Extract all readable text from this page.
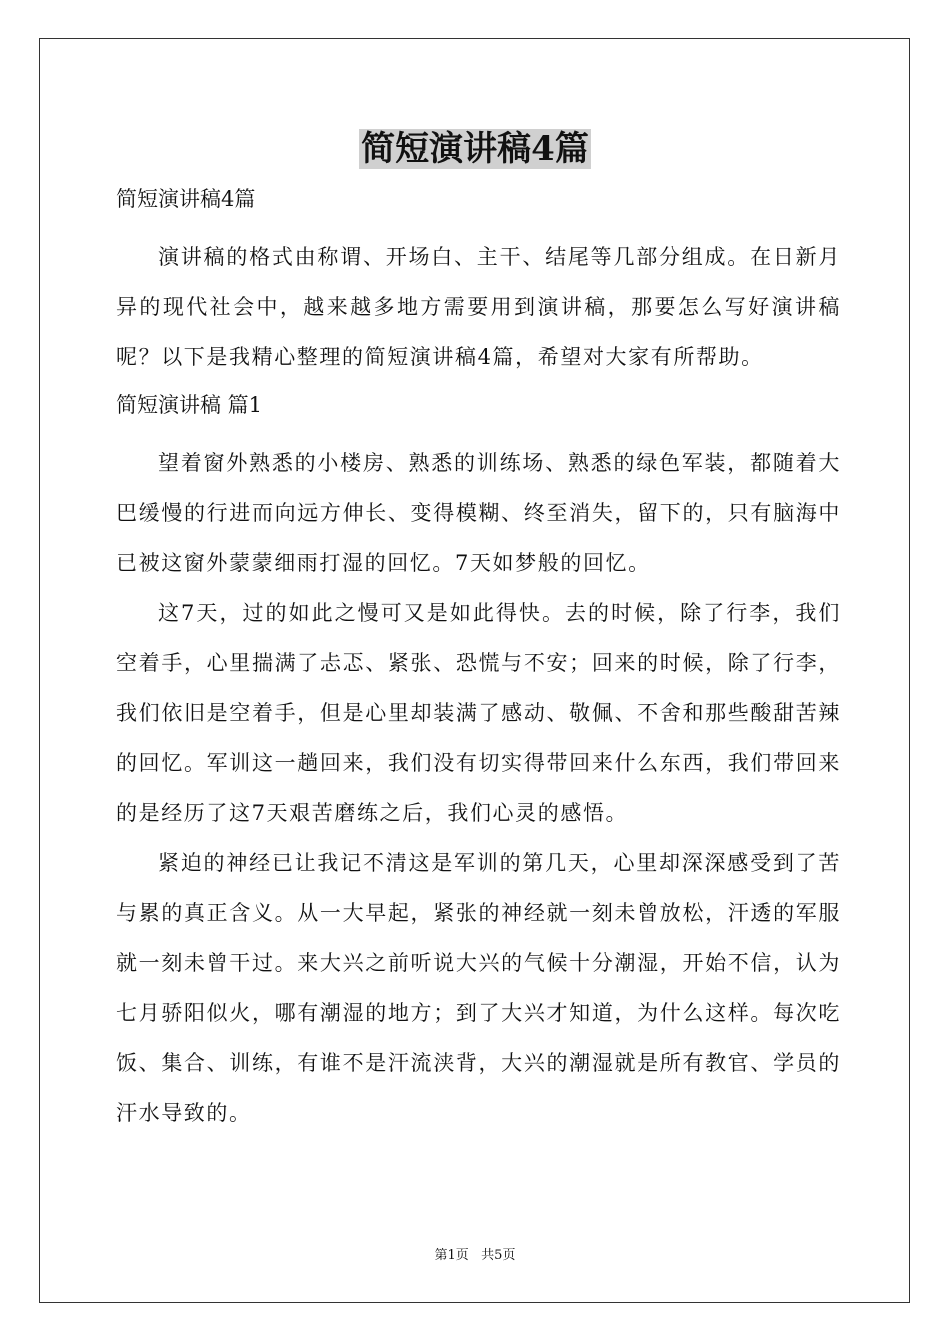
简短演讲稿4篇

简短演讲稿4篇

演讲稿的格式由称谓、开场白、主干、结尾等几部分组成。在日新月异的现代社会中，越来越多地方需要用到演讲稿，那要怎么写好演讲稿呢？以下是我精心整理的简短演讲稿4篇，希望对大家有所帮助。

简短演讲稿 篇1

望着窗外熟悉的小楼房、熟悉的训练场、熟悉的绿色军装，都随着大巴缓慢的行进而向远方伸长、变得模糊、终至消失，留下的，只有脑海中已被这窗外蒙蒙细雨打湿的回忆。7天如梦般的回忆。

这7天，过的如此之慢可又是如此得快。去的时候，除了行李，我们空着手，心里揣满了忐忑、紧张、恐慌与不安；回来的时候，除了行李，我们依旧是空着手，但是心里却装满了感动、敬佩、不舍和那些酸甜苦辣的回忆。军训这一趟回来，我们没有切实得带回来什么东西，我们带回来的是经历了这7天艰苦磨练之后，我们心灵的感悟。

紧迫的神经已让我记不清这是军训的第几天，心里却深深感受到了苦与累的真正含义。从一大早起，紧张的神经就一刻未曾放松，汗透的军服就一刻未曾干过。来大兴之前听说大兴的气候十分潮湿，开始不信，认为七月骄阳似火，哪有潮湿的地方；到了大兴才知道，为什么这样。每次吃饭、集合、训练，有谁不是汗流浃背，大兴的潮湿就是所有教官、学员的汗水导致的。

第1页   共5页
